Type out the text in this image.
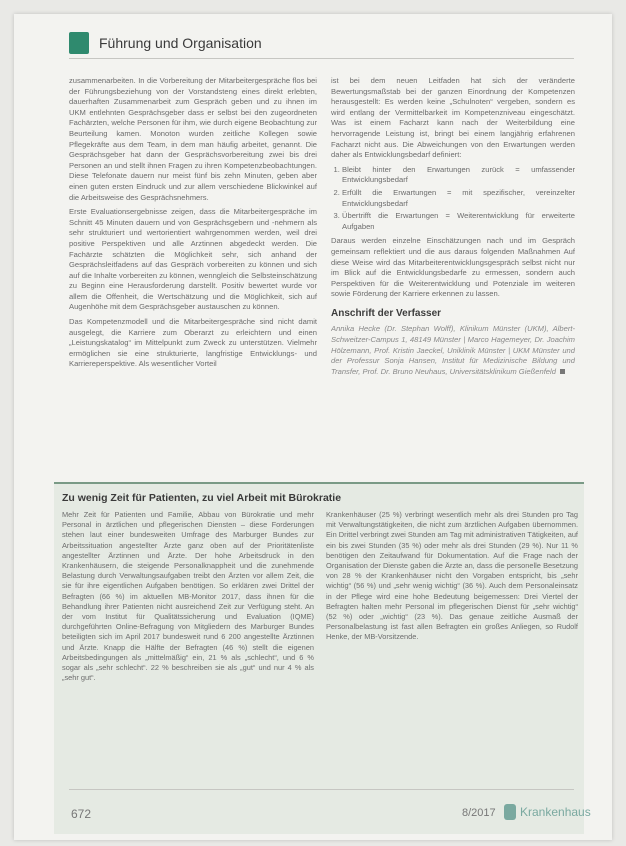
Führung und Organisation

zusammenarbeiten. In die Vorbereitung der Mitarbeitergespräche flos bei der Führungsbeziehung von der Vorstandsteng eines direkt erlebten, dauerhaften Zusammenarbeit zum Gespräch geben und zu ihnen im UKM entlehnten Gesprächsgeber dass er selbst bei den zugeordneten Fachärzten, welche Personen für ihm, wie durch eigene Beobachtung zur Beurteilung kamen. Monoton wurden zeitliche Kollegen sowie Pflegekräfte aus dem Team, in dem man häufig arbeitet, genannt. Die Gesprächsgeber hat dann der Gesprächsvorbereitung zwei bis drei Personen an und stellt ihnen Fragen zu ihren Kompetenzbeobachtungen. Diese Telefonate dauern nur meist fünf bis zehn Minuten, geben aber einen guten ersten Eindruck und zur allem verschiedene Blickwinkel auf die Arbeitsweise des Gesprächsnehmers.

Erste Evaluationsergebnisse zeigen, dass die Mitarbeitergespräche im Schnitt 45 Minuten dauern und von Gesprächsgebern und -nehmern als sehr strukturiert und wertorientiert wahrgenommen werden, weil drei positive Perspektiven und alle Arztinnen abgedeckt werden. Die Fachärzte schätzten die Möglichkeit sehr, sich anhand der Gesprächsleitfadens auf das Gespräch vorbereiten zu können und sich auf die Inhalte vorbereiten zu können, wenngleich die Selbsteinschätzung zu Beginn eine Herausforderung darstellt. Positiv bewertet wurde vor allem die Offenheit, die Wertschätzung und die Möglichkeit, sich auf Augenhöhe mit dem Gesprächsgeber austauschen zu können.

Das Kompetenzmodell und die Mitarbeitergespräche sind nicht damit ausgelegt, die Karriere zum Oberarzt zu erleichtern und einen „Leistungskatalog“ im Mittelpunkt zum Zweck zu unterstützen. Vielmehr ermöglichen sie eine strukturierte, langfristige Entwicklungs- und Karriereperspektive. Als wesentlicher Vorteil

ist bei dem neuen Leitfaden hat sich der veränderte Bewertungsmaßstab bei der ganzen Einordnung der Kompetenzen herausgestellt: Es werden keine „Schulnoten“ vergeben, sondern es wird entlang der Vermittelbarkeit im Kompetenzniveau eingeschätzt. Was ist einem Facharzt kann nach der Weiterbildung eine hervorragende Leistung ist, bringt bei einem langjährig erfahrenen Facharzt nicht aus. Die Abweichungen von den Erwartungen werden daher als Entwicklungsbedarf definiert:

1. Bleibt hinter den Erwartungen zurück = umfassender Entwicklungsbedarf
2. Erfüllt die Erwartungen = mit spezifischer, vereinzelter Entwicklungsbedarf
3. Übertrifft die Erwartungen = Weiterentwicklung für erweiterte Aufgaben

Daraus werden einzelne Einschätzungen nach und im Gespräch gemeinsam reflektiert und die aus daraus folgenden Maßnahmen Auf diese Weise wird das Mitarbeiterentwicklungsgespräch selbst nicht nur im Blick auf die Entwicklungsbedarfe zu ermessen, sondern auch Perspektiven für die Weiterentwicklung und Potenziale im weiteren sowie Förderung der Karriere erkennen zu lassen.

Anschrift der Verfasser

Annika Hecke (Dr. Stephan Wolff), Klinikum Münster (UKM), Albert-Schweitzer-Campus 1, 48149 Münster | Marco Hagemeyer, Dr. Joachim Hölzemann, Prof. Kristin Jaeckel, Uniklinik Münster | UKM Münster und der Professur Sonja Hansen, Institut für Medizinische Bildung und Transfer, Prof. Dr. Bruno Neuhaus, Universitätsklinikum Gießenfeld

Zu wenig Zeit für Patienten, zu viel Arbeit mit Bürokratie

Mehr Zeit für Patienten und Familie, Abbau von Bürokratie und mehr Personal in ärztlichen und pflegerischen Diensten – diese Forderungen stehen laut einer bundesweiten Umfrage des Marburger Bundes zur Arbeitssituation angestellter Ärzte ganz oben auf der Prioritätenliste angestellter Ärztinnen und Ärzte. Der hohe Arbeitsdruck in den Krankenhäusern, die steigende Personalknappheit und die zunehmende Belastung durch Verwaltungsaufgaben treibt den Ärzten vor allem Zeit, die sie für ihre eigentlichen Aufgaben benötigen. So erklären zwei Drittel der Befragten (66 %) im aktuellen MB-Monitor 2017, dass ihnen für die Behandlung ihrer Patienten nicht ausreichend Zeit zur Verfügung steht. An der vom Institut für Qualitätssicherung und Evaluation (IQME) durchgeführten Online-Befragung von Mitgliedern des Marburger Bundes beteiligten sich im April 2017 bundesweit rund 6 200 angestellte Ärztinnen und Ärzte. Knapp die Hälfte der Befragten (46 %) stellt die eigenen Arbeitsbedingungen als „mittelmäßig“ ein, 21 % als „schlecht“, und 6 % sogar als „sehr schlecht“. 22 % beschreiben sie als „gut“ und nur 4 % als „sehr gut“.

Krankenhäuser (25 %) verbringt wesentlich mehr als drei Stunden pro Tag mit Verwaltungstätigkeiten, die nicht zum ärztlichen Aufgaben übernommen. Ein Drittel verbringt zwei Stunden am Tag mit administrativen Tätigkeiten, auf ein bis zwei Stunden (35 %) oder mehr als drei Stunden (29 %). Nur 11 % benötigen den Zeitaufwand für Dokumentation. Auf die Frage nach der Organisation der Dienste gaben die Ärzte an, dass die personelle Besetzung von 28 % der Krankenhäuser nicht den Vorgaben entspricht, bis „sehr wichtig“ (56 %) und „sehr wenig wichtig“ (36 %). Auch dem Personaleinsatz in der Pflege wird eine hohe Bedeutung beigemessen: Drei Viertel der Befragten halten mehr Personal im pflegerischen Dienst für „sehr wichtig“ (52 %) oder „wichtig“ (23 %). Das genaue zeitliche Ausmaß der Personalbelastung ist fast allen Befragten ein großes Anliegen, so Rudolf Henke, der MB-Vorsitzende.

672	8/2017 Krankenhaus
